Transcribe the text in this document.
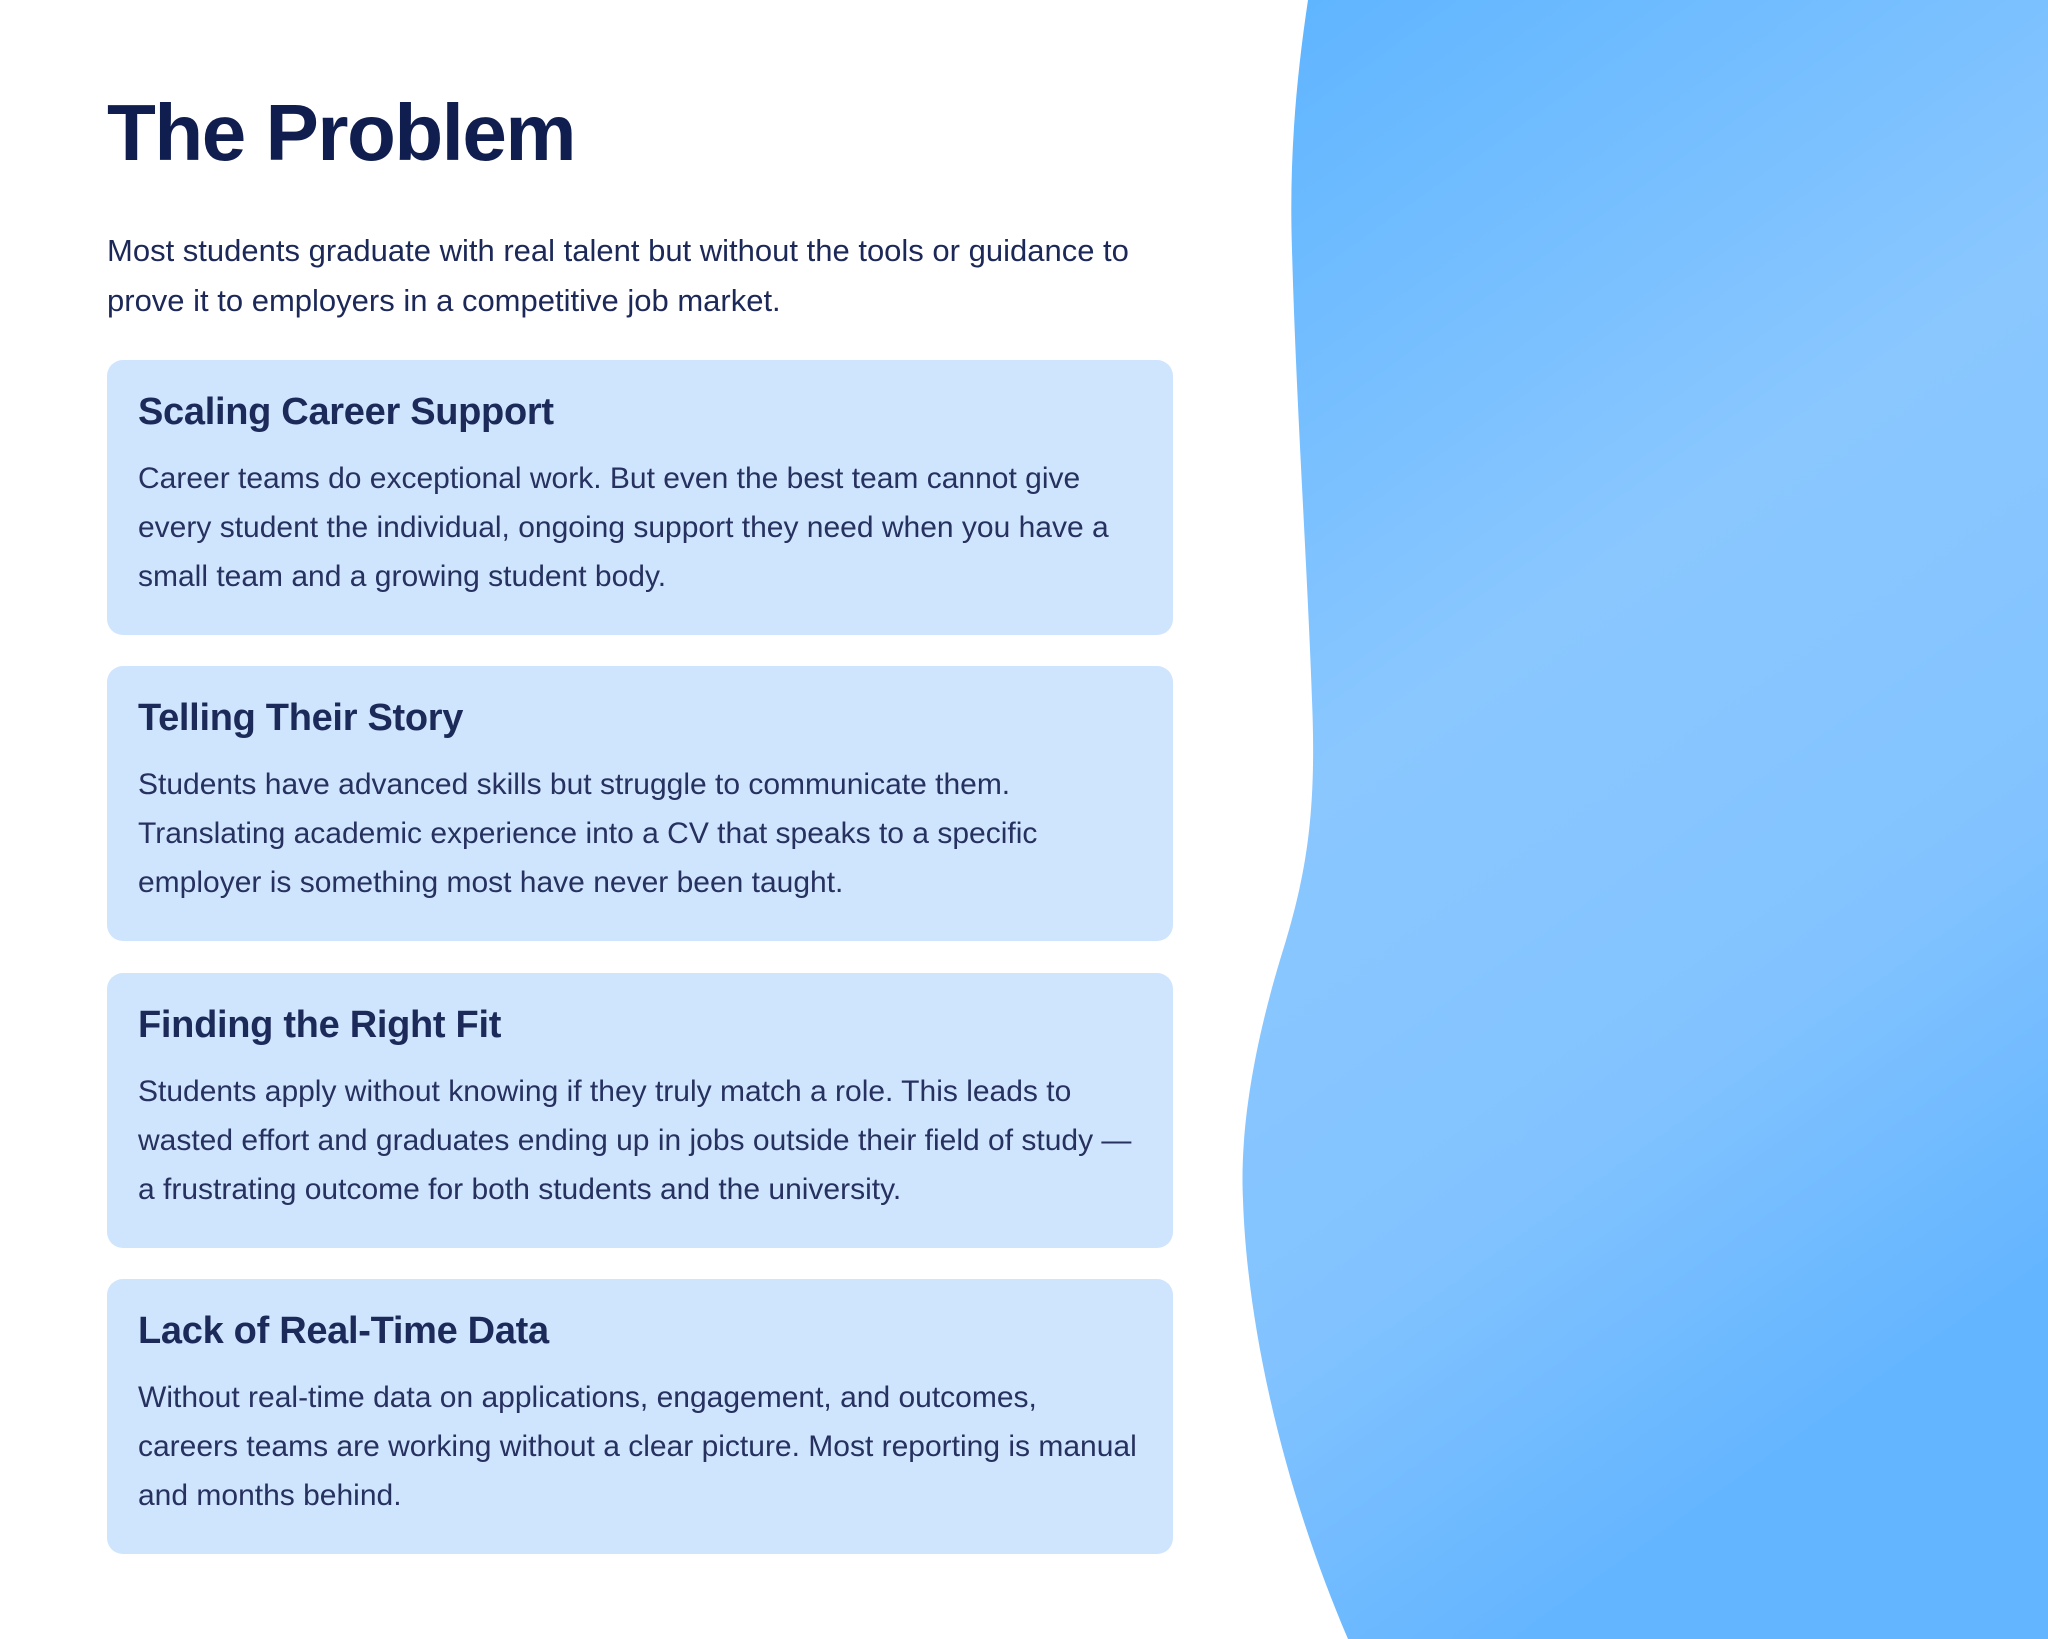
The Problem

Most students graduate with real talent but without the tools or guidance to prove it to employers in a competitive job market.

Scaling Career Support

Career teams do exceptional work. But even the best team cannot give every student the individual, ongoing support they need when you have a small team and a growing student body.

Telling Their Story

Students have advanced skills but struggle to communicate them. Translating academic experience into a CV that speaks to a specific employer is something most have never been taught.

Finding the Right Fit

Students apply without knowing if they truly match a role. This leads to wasted effort and graduates ending up in jobs outside their field of study — a frustrating outcome for both students and the university.

Lack of Real-Time Data

Without real-time data on applications, engagement, and outcomes, careers teams are working without a clear picture. Most reporting is manual and months behind.
